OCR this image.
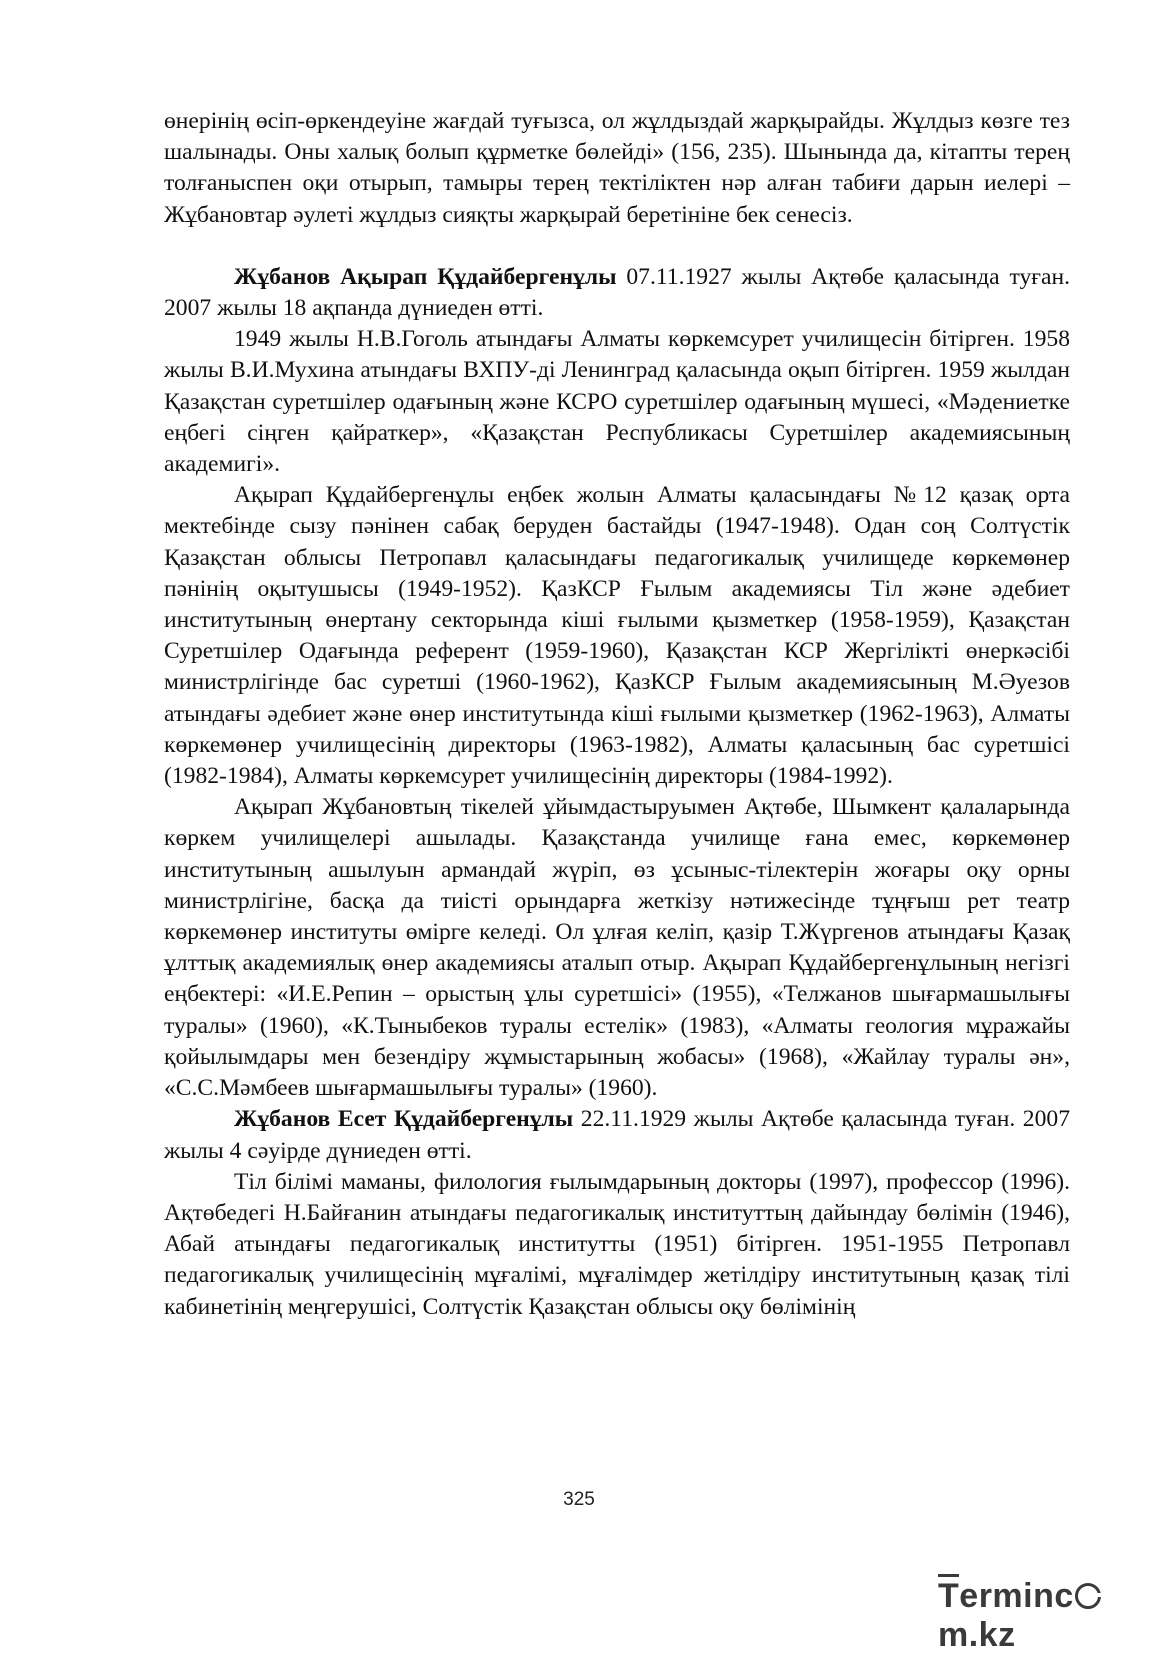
өнерінің өсіп-өркендеуіне жағдай туғызса, ол жұлдыздай жарқырайды. Жұлдыз көзге тез шалынады. Оны халық болып құрметке бөлейді» (156, 235). Шынында да, кітапты терең толғаныспен оқи отырып, тамыры терең тектіліктен нәр алған табиғи дарын иелері – Жұбановтар әулеті жұлдыз сияқты жарқырай беретініне бек сенесіз.

Жұбанов Ақырап Құдайбергенұлы 07.11.1927 жылы Ақтөбе қаласында туған. 2007 жылы 18 ақпанда дүниеден өтті.

1949 жылы Н.В.Гоголь атындағы Алматы көркемсурет училищесін бітірген. 1958 жылы В.И.Мухина атындағы ВХПУ-ді Ленинград қаласында оқып бітірген. 1959 жылдан Қазақстан суретшілер одағының және КСРО суретшілер одағының мүшесі, «Мәдениетке еңбегі сіңген қайраткер», «Қазақстан Республикасы Суретшілер академиясының академигі».

Ақырап Құдайбергенұлы еңбек жолын Алматы қаласындағы №12 қазақ орта мектебінде сызу пәнінен сабақ беруден бастайды (1947-1948). Одан соң Солтүстік Қазақстан облысы Петропавл қаласындағы педагогикалық училищеде көркемөнер пәнінің оқытушысы (1949-1952). ҚазКСР Ғылым академиясы Тіл және әдебиет институтының өнертану секторында кіші ғылыми қызметкер (1958-1959), Қазақстан Суретшілер Одағында референт (1959-1960), Қазақстан КСР Жергілікті өнеркәсібі министрлігінде бас суретші (1960-1962), ҚазКСР Ғылым академиясының М.Әуезов атындағы әдебиет және өнер институтында кіші ғылыми қызметкер (1962-1963), Алматы көркемөнер училищесінің директоры (1963-1982), Алматы қаласының бас суретшісі (1982-1984), Алматы көркемсурет училищесінің директоры (1984-1992).

Ақырап Жұбановтың тікелей ұйымдастыруымен Ақтөбе, Шымкент қалаларында көркем училищелері ашылады. Қазақстанда училище ғана емес, көркемөнер институтының ашылуын армандай жүріп, өз ұсыныс-тілектерін жоғары оқу орны министрлігіне, басқа да тиісті орындарға жеткізу нәтижесінде тұңғыш рет театр көркемөнер институты өмірге келеді. Ол ұлғая келіп, қазір Т.Жүргенов атындағы Қазақ ұлттық академиялық өнер академиясы аталып отыр. Ақырап Құдайбергенұлының негізгі еңбектері: «И.Е.Репин – орыстың ұлы суретшісі» (1955), «Телжанов шығармашылығы туралы» (1960), «К.Тыныбеков туралы естелік» (1983), «Алматы геология мұражайы қойылымдары мен безендіру жұмыстарының жобасы» (1968), «Жайлау туралы ән», «С.С.Мәмбеев шығармашылығы туралы» (1960).

Жұбанов Есет Құдайбергенұлы 22.11.1929 жылы Ақтөбе қаласында туған. 2007 жылы 4 сәуірде дүниеден өтті.

Тіл білімі маманы, филология ғылымдарының докторы (1997), профессор (1996). Ақтөбедегі Н.Байғанин атындағы педагогикалық институттың дайындау бөлімін (1946), Абай атындағы педагогикалық институтты (1951) бітірген. 1951-1955 Петропавл педагогикалық училищесінің мұғалімі, мұғалімдер жетілдіру институтының қазақ тілі кабинетінің меңгерушісі, Солтүстік Қазақстан облысы оқу бөлімінің

325
Termincm.kz
